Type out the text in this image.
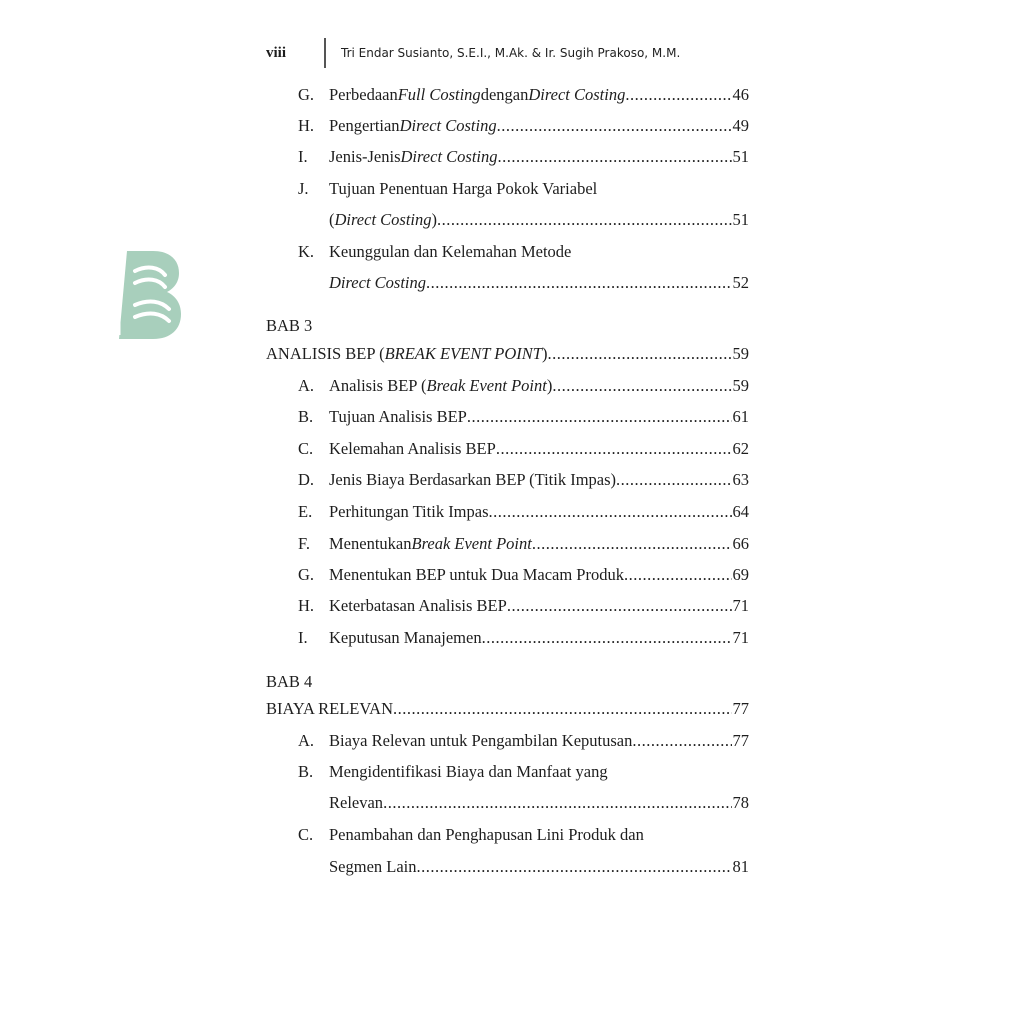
viii	Tri Endar Susianto, S.E.I., M.Ak. & Ir. Sugih Prakoso, M.M.
G. Perbedaan Full Costing dengan Direct Costing .....	46
H. Pengertian Direct Costing .....	49
I. Jenis-Jenis Direct Costing .....	51
J. Tujuan Penentuan Harga Pokok Variabel
( Direct Costing ) .....	51
K. Keunggulan dan Kelemahan Metode
Direct Costing .....	52
BAB 3
ANALISIS BEP ( BREAK EVENT POINT ) .....	59
A. Analisis BEP ( Break Event Point ) .....	59
B. Tujuan Analisis BEP .....	61
C. Kelemahan Analisis BEP .....	62
D. Jenis Biaya Berdasarkan BEP (Titik Impas) .....	63
E. Perhitungan Titik Impas .....	64
F. Menentukan Break Event Point .....	66
G. Menentukan BEP untuk Dua Macam Produk .....	69
H. Keterbatasan Analisis BEP .....	71
I. Keputusan Manajemen .....	71
BAB 4
BIAYA RELEVAN .....	77
A. Biaya Relevan untuk Pengambilan Keputusan .....	77
B. Mengidentifikasi Biaya dan Manfaat yang
Relevan .....	78
C. Penambahan dan Penghapusan Lini Produk dan
Segmen Lain .....	81
